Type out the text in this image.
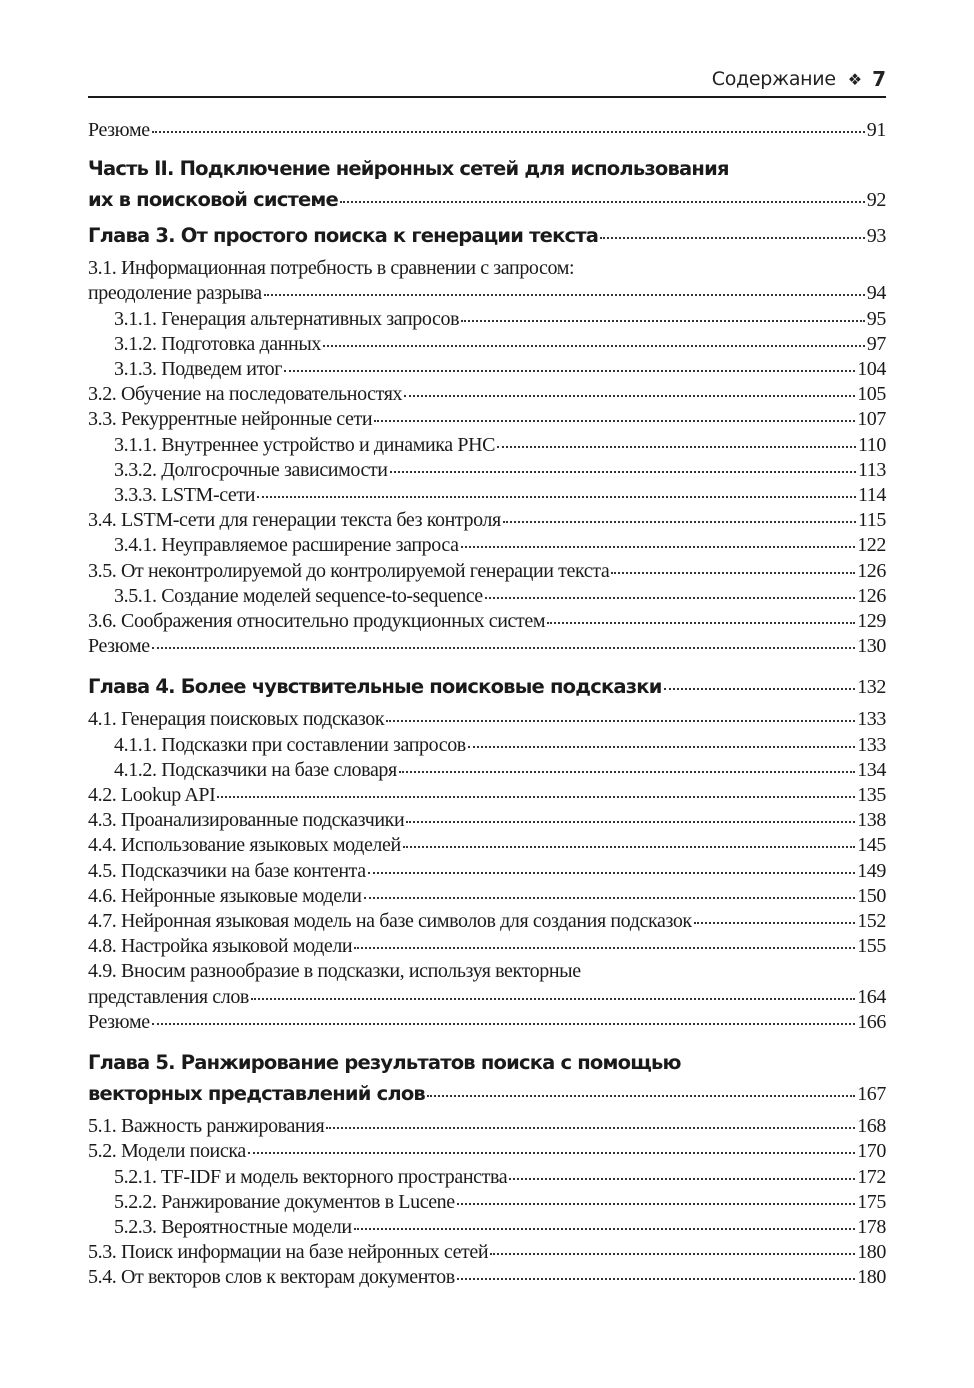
Содержание ❖ 7
Резюме	91
Часть II. Подключение нейронных сетей для использования
их в поисковой системе	92
Глава 3. От простого поиска к генерации текста	93
3.1. Информационная потребность в сравнении с запросом:
преодоление разрыва	94
3.1.1. Генерация альтернативных запросов	95
3.1.2. Подготовка данных	97
3.1.3. Подведем итог	104
3.2. Обучение на последовательностях	105
3.3. Рекуррентные нейронные сети	107
3.1.1. Внутреннее устройство и динамика РНС	110
3.3.2. Долгосрочные зависимости	113
3.3.3. LSTM-сети	114
3.4. LSTM-сети для генерации текста без контроля	115
3.4.1. Неуправляемое расширение запроса	122
3.5. От неконтролируемой до контролируемой генерации текста	126
3.5.1. Создание моделей sequence-to-sequence	126
3.6. Соображения относительно продукционных систем	129
Резюме	130
Глава 4. Более чувствительные поисковые подсказки	132
4.1. Генерация поисковых подсказок	133
4.1.1. Подсказки при составлении запросов	133
4.1.2. Подсказчики на базе словаря	134
4.2. Lookup API	135
4.3. Проанализированные подсказчики	138
4.4. Использование языковых моделей	145
4.5. Подсказчики на базе контента	149
4.6. Нейронные языковые модели	150
4.7. Нейронная языковая модель на базе символов для создания подсказок	152
4.8. Настройка языковой модели	155
4.9. Вносим разнообразие в подсказки, используя векторные
представления слов	164
Резюме	166
Глава 5. Ранжирование результатов поиска с помощью
векторных представлений слов	167
5.1. Важность ранжирования	168
5.2. Модели поиска	170
5.2.1. TF-IDF и модель векторного пространства	172
5.2.2. Ранжирование документов в Lucene	175
5.2.3. Вероятностные модели	178
5.3. Поиск информации на базе нейронных сетей	180
5.4. От векторов слов к векторам документов	180
